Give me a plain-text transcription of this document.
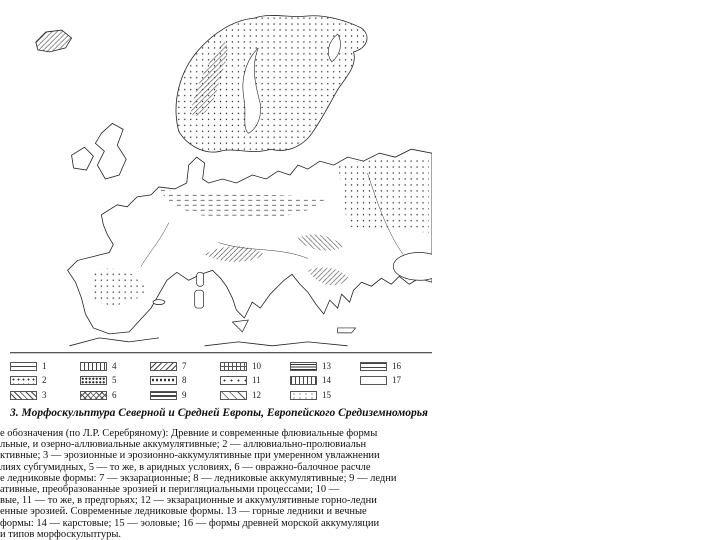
1
2
3
4
5
6
7
8
9
10
11
12
13
14
15
16
17
3. Морфоскульптура Северной и Средней Европы, Европейского Средиземноморья
е обозначения (по Л.Р. Серебряному): Древние и современные флювиальные формы
льные, и озерно-аллювиальные аккумулятивные; 2 — аллювиально-пролювиальн
ктивные; 3 — эрозионные и эрозионно-аккумулятивные при умеренном увлажнении
лиях субгумидных, 5 — то же, в аридных условиях, 6 — овражно-балочное расчле
е ледниковые формы: 7 — экзарационные; 8 — ледниковые аккумулятивные; 9 — ледни
ативные, преобразованные эрозией и перигляциальными процессами; 10 —
вые, 11 — то же, в предгорьях; 12 — экзарационные и аккумулятивные горно-ледни
енные эрозией. Современные ледниковые формы. 13 — горные ледники и вечные
формы: 14 — карстовые; 15 — эоловые; 16 — формы древней морской аккумуляции
и типов морфоскульптуры.
